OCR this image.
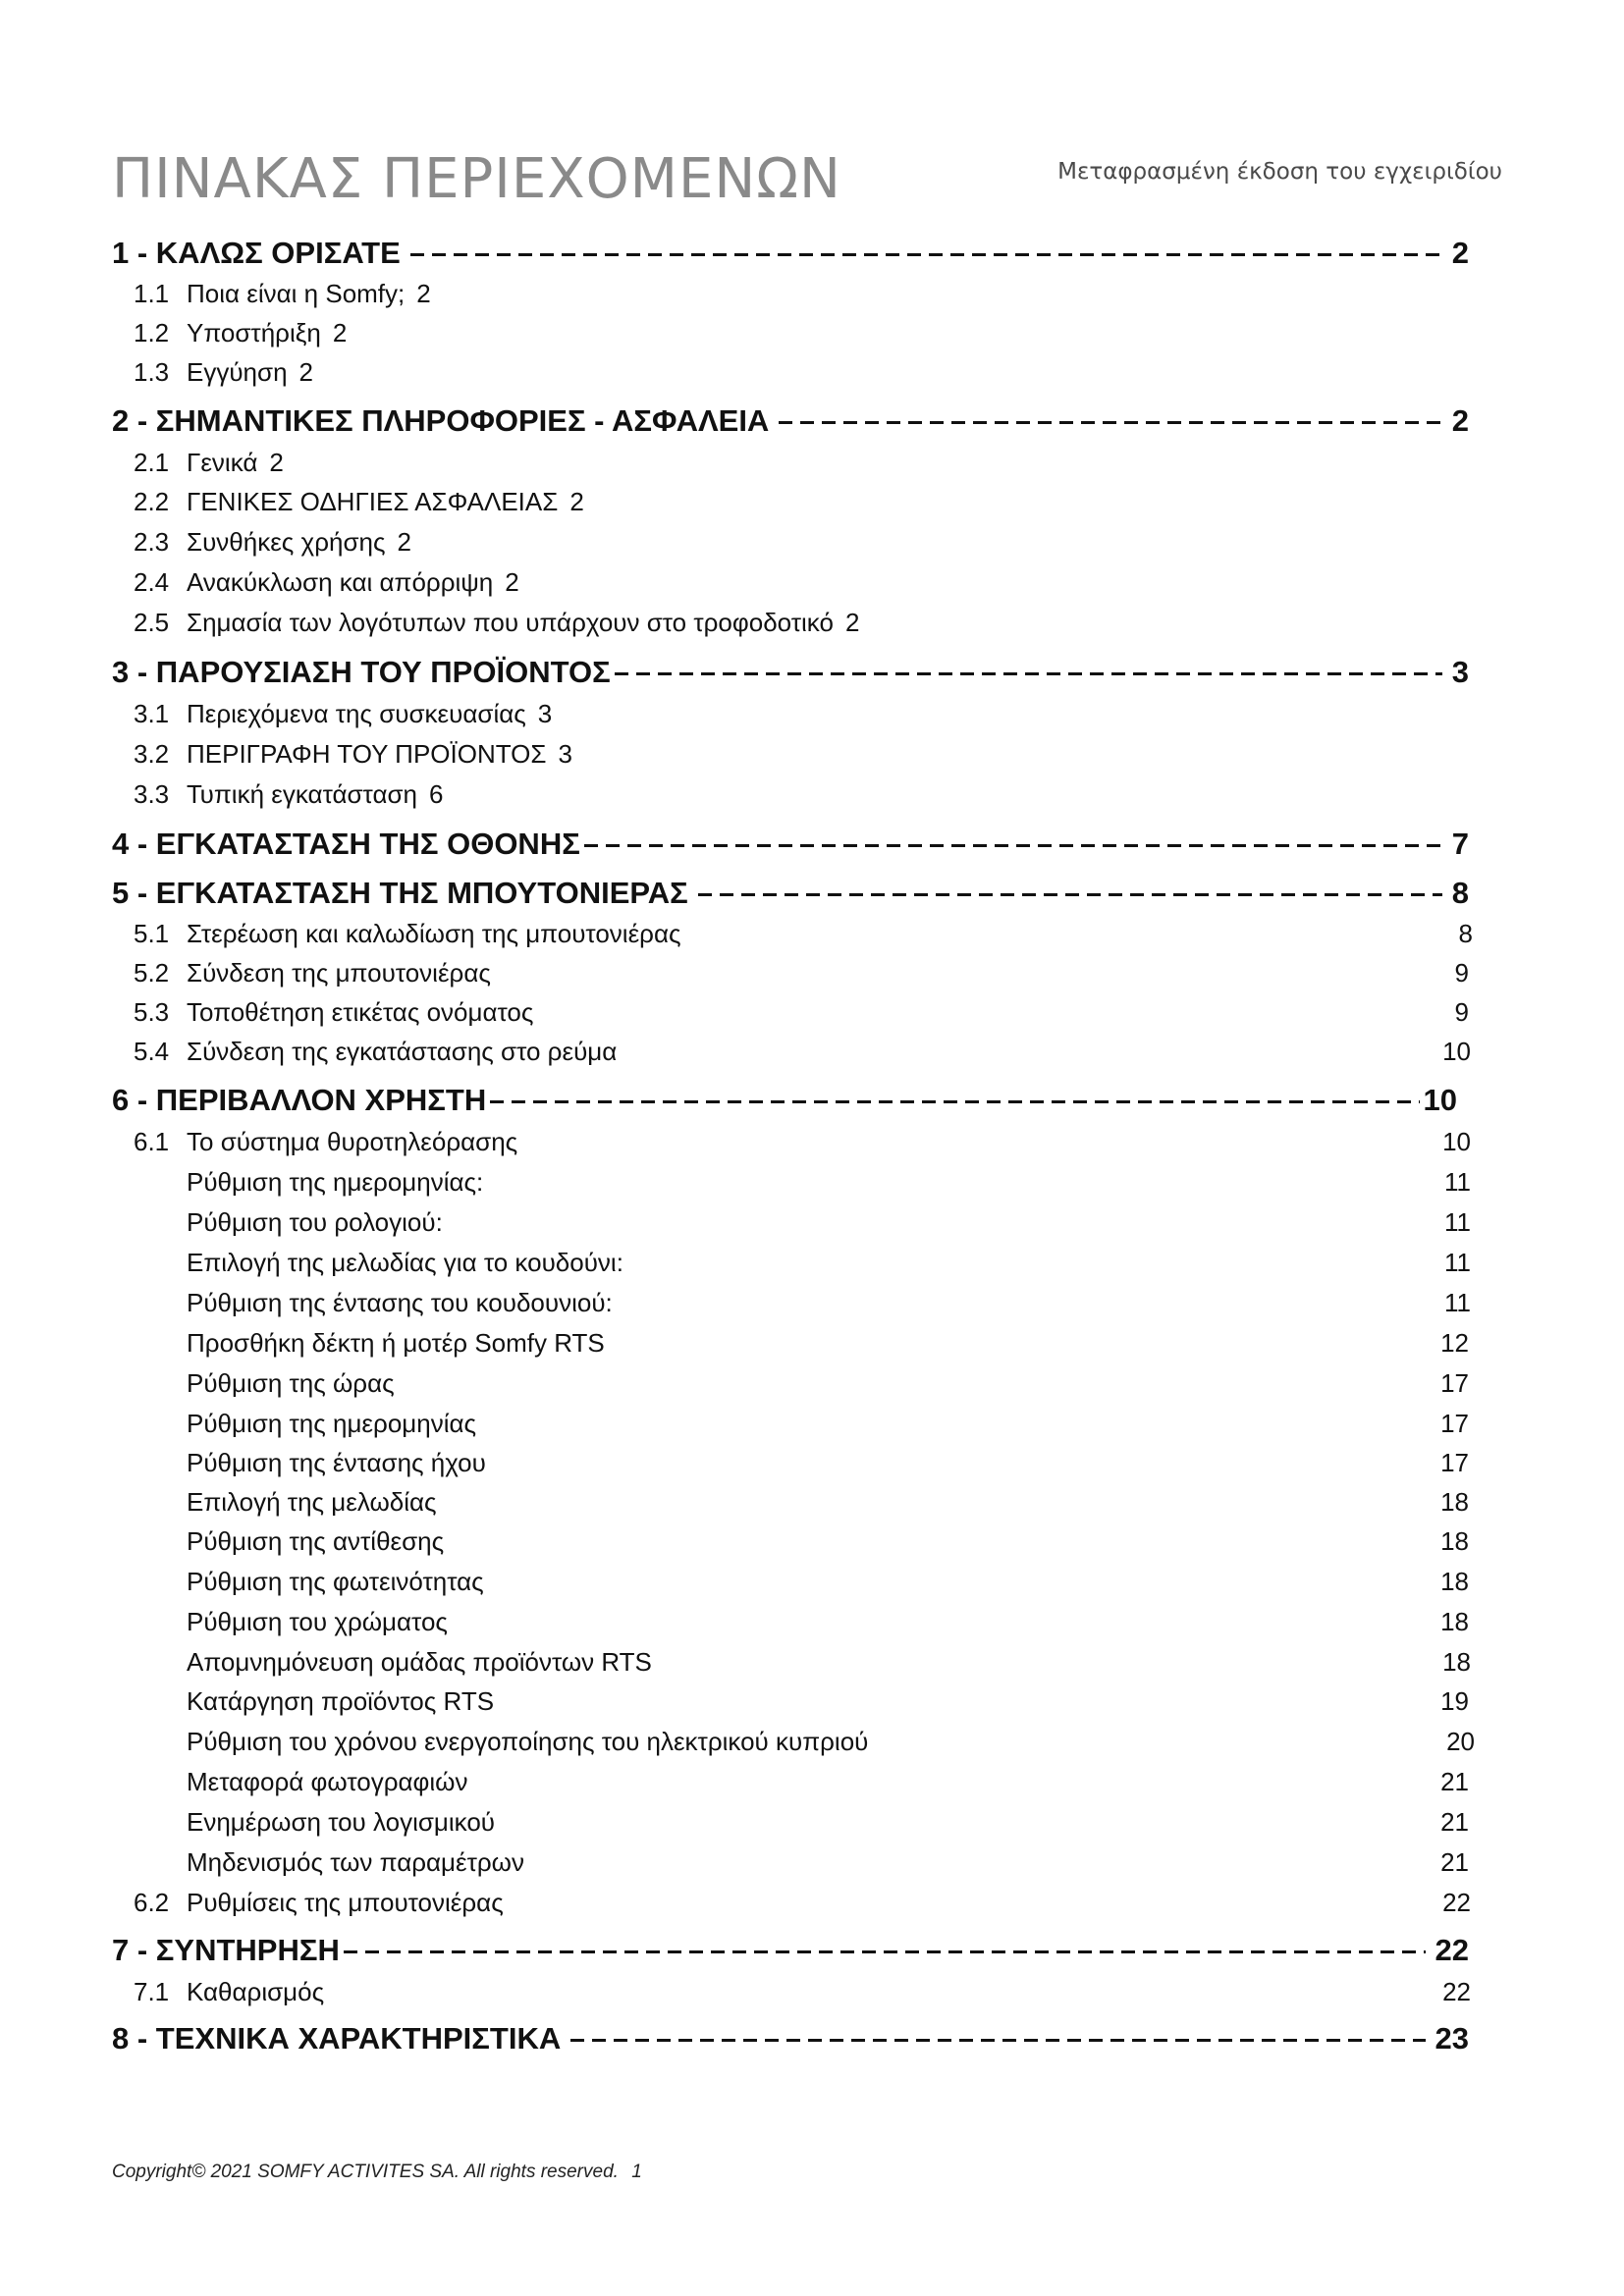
ΠΙΝΑΚΑΣ ΠΕΡΙΕΧΟΜΕΝΩΝ	Μεταφρασμένη έκδοση του εγχειριδίου
1 - ΚΑΛΩΣ ΟΡΙΣΑΤΕ	2
1.1 Ποια είναι η Somfy; 2
1.2 Υποστήριξη 2
1.3 Εγγύηση 2
2 - ΣΗΜΑΝΤΙΚΕΣ ΠΛΗΡΟΦΟΡΙΕΣ - ΑΣΦΑΛΕΙΑ	2
2.1 Γενικά 2
2.2 ΓΕΝΙΚΕΣ ΟΔΗΓΙΕΣ ΑΣΦΑΛΕΙΑΣ 2
2.3 Συνθήκες χρήσης 2
2.4 Ανακύκλωση και απόρριψη 2
2.5 Σημασία των λογότυπων που υπάρχουν στο τροφοδοτικό 2
3 - ΠΑΡΟΥΣΙΑΣΗ ΤΟΥ ΠΡΟΪΟΝΤΟΣ	3
3.1 Περιεχόμενα της συσκευασίας 3
3.2 ΠΕΡΙΓΡΑΦΗ ΤΟΥ ΠΡΟΪΟΝΤΟΣ 3
3.3 Τυπική εγκατάσταση 6
4 - ΕΓΚΑΤΑΣΤΑΣΗ ΤΗΣ ΟΘΟΝΗΣ	7
5 - ΕΓΚΑΤΑΣΤΑΣΗ ΤΗΣ ΜΠΟΥΤΟΝΙΕΡΑΣ	8
5.1 Στερέωση και καλωδίωση της μπουτονιέρας	8
5.2 Σύνδεση της μπουτονιέρας	9
5.3 Τοποθέτηση ετικέτας ονόματος	9
5.4 Σύνδεση της εγκατάστασης στο ρεύμα	10
6 - ΠΕΡΙΒΑΛΛΟΝ ΧΡΗΣΤΗ	10
6.1 Το σύστημα θυροτηλεόρασης	10
Ρύθμιση της ημερομηνίας:	11
Ρύθμιση του ρολογιού:	11
Επιλογή της μελωδίας για το κουδούνι:	11
Ρύθμιση της έντασης του κουδουνιού:	11
Προσθήκη δέκτη ή μοτέρ Somfy RTS	12
Ρύθμιση της ώρας	17
Ρύθμιση της ημερομηνίας	17
Ρύθμιση της έντασης ήχου	17
Επιλογή της μελωδίας	18
Ρύθμιση της αντίθεσης	18
Ρύθμιση της φωτεινότητας	18
Ρύθμιση του χρώματος	18
Απομνημόνευση ομάδας προϊόντων RTS	18
Κατάργηση προϊόντος RTS	19
Ρύθμιση του χρόνου ενεργοποίησης του ηλεκτρικού κυπριού	20
Μεταφορά φωτογραφιών	21
Ενημέρωση του λογισμικού	21
Μηδενισμός των παραμέτρων	21
6.2 Ρυθμίσεις της μπουτονιέρας	22
7 - ΣΥΝΤΗΡΗΣΗ	22
7.1 Καθαρισμός	22
8 - ΤΕΧΝΙΚΑ ΧΑΡΑΚΤΗΡΙΣΤΙΚΑ	23
Copyright© 2021 SOMFY ACTIVITES SA. All rights reserved. 1
